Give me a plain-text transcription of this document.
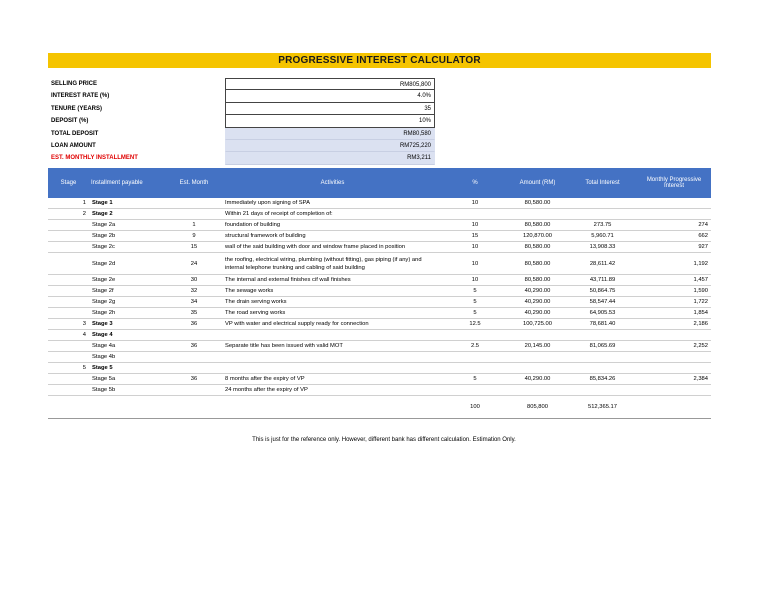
PROGRESSIVE INTEREST CALCULATOR
SELLING PRICE	RM805,800
INTEREST RATE (%)	4.0%
TENURE (YEARS)	35
DEPOSIT (%)	10%
TOTAL DEPOSIT	RM80,580
LOAN AMOUNT	RM725,220
EST. MONTHLY INSTALLMENT	RM3,211
Stage	Installment payable	Est. Month	Activities	%	Amount (RM)	Total Interest	Monthly Progressive Interest
1	Stage 1		Immediately upon signing of SPA	10	80,580.00		
2	Stage 2		Within 21 days of receipt of completion of:				
	Stage 2a	1	foundation of building	10	80,580.00	273.75	274
	Stage 2b	9	structural framework of building	15	120,870.00	5,960.71	662
	Stage 2c	15	wall of the said building with door and window frame placed in position	10	80,580.00	13,908.33	927
	Stage 2d	24	the roofing, electrical wiring, plumbing (without fitting), gas piping (if any) and internal telephone trunking and cabling of said building	10	80,580.00	28,611.42	1,192
	Stage 2e	30	The internal and external finishes cif wall finishes	10	80,580.00	43,711.89	1,457
	Stage 2f	32	The sewage works	5	40,290.00	50,864.75	1,590
	Stage 2g	34	The drain serving works	5	40,290.00	58,547.44	1,722
	Stage 2h	35	The road serving works	5	40,290.00	64,905.53	1,854
3	Stage 3	36	VP with water and electrical supply ready for connection	12.5	100,725.00	78,681.40	2,186
4	Stage 4						
	Stage 4a	36	Separate title has been issued with valid MOT	2.5	20,145.00	81,065.69	2,252
	Stage 4b						
5	Stage 5						
	Stage 5a	36	8 months after the expiry of VP	5	40,290.00	85,834.26	2,384
	Stage 5b		24 months after the expiry of VP				
				100	805,800	512,365.17	
This is just for the reference only. However, different bank has different calculation. Estimation Only.
